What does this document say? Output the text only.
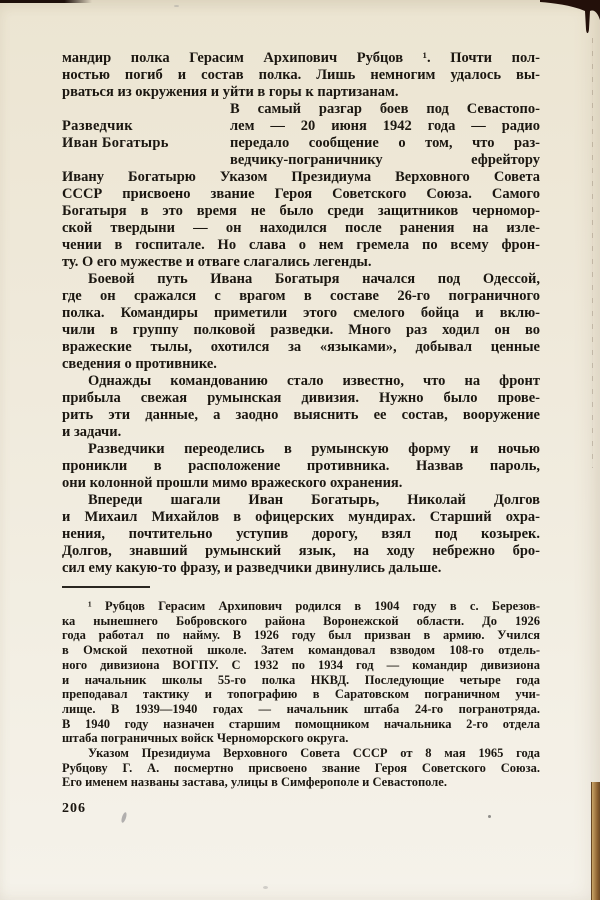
мандир полка Герасим Архипович Рубцов ¹. Почти пол-
ностью погиб и состав полка. Лишь немногим удалось вы-
рваться из окружения и уйти в горы к партизанам.
Разведчик
Иван Богатырь
В самый разгар боев под Севастопо-
лем — 20 июня 1942 года — радио
передало сообщение о том, что раз-
ведчику-пограничнику ефрейтору
Ивану Богатырю Указом Президиума Верховного Совета
СССР присвоено звание Героя Советского Союза. Самого
Богатыря в это время не было среди защитников черномор-
ской твердыни — он находился после ранения на изле-
чении в госпитале. Но слава о нем гремела по всему фрон-
ту. О его мужестве и отваге слагались легенды.
Боевой путь Ивана Богатыря начался под Одессой,
где он сражался с врагом в составе 26-го пограничного
полка. Командиры приметили этого смелого бойца и вклю-
чили в группу полковой разведки. Много раз ходил он во
вражеские тылы, охотился за «языками», добывал ценные
сведения о противнике.
Однажды командованию стало известно, что на фронт
прибыла свежая румынская дивизия. Нужно было прове-
рить эти данные, а заодно выяснить ее состав, вооружение
и задачи.
Разведчики переоделись в румынскую форму и ночью
проникли в расположение противника. Назвав пароль,
они колонной прошли мимо вражеского охранения.
Впереди шагали Иван Богатырь, Николай Долгов
и Михаил Михайлов в офицерских мундирах. Старший охра-
нения, почтительно уступив дорогу, взял под козырек.
Долгов, знавший румынский язык, на ходу небрежно бро-
сил ему какую-то фразу, и разведчики двинулись дальше.
¹ Рубцов Герасим Архипович родился в 1904 году в с. Березов-
ка нынешнего Бобровского района Воронежской области. До 1926
года работал по найму. В 1926 году был призван в армию. Учился
в Омской пехотной школе. Затем командовал взводом 108-го отдель-
ного дивизиона ВОГПУ. С 1932 по 1934 год — командир дивизиона
и начальник школы 55-го полка НКВД. Последующие четыре года
преподавал тактику и топографию в Саратовском пограничном учи-
лище. В 1939—1940 годах — начальник штаба 24-го погранотряда.
В 1940 году назначен старшим помощником начальника 2-го отдела
штаба пограничных войск Черноморского округа.
Указом Президиума Верховного Совета СССР от 8 мая 1965 года
Рубцову Г. А. посмертно присвоено звание Героя Советского Союза.
Его именем названы застава, улицы в Симферополе и Севастополе.
206
